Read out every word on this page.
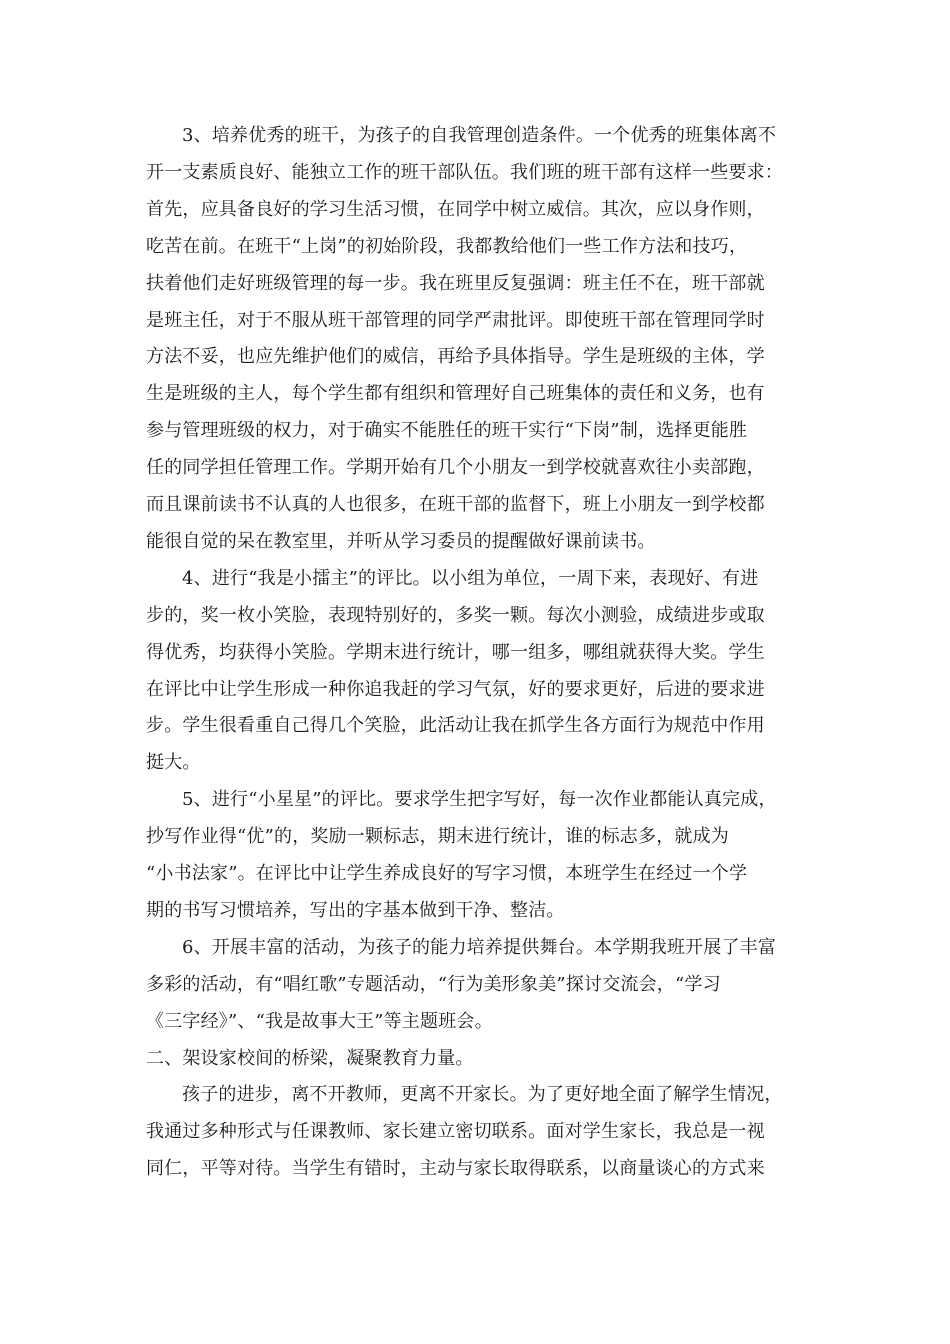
3、培养优秀的班干，为孩子的自我管理创造条件。一个优秀的班集体离不
开一支素质良好、能独立工作的班干部队伍。我们班的班干部有这样一些要求：
首先，应具备良好的学习生活习惯，在同学中树立威信。其次，应以身作则，
吃苦在前。在班干“上岗”的初始阶段，我都教给他们一些工作方法和技巧，
扶着他们走好班级管理的每一步。我在班里反复强调：班主任不在，班干部就
是班主任，对于不服从班干部管理的同学严肃批评。即使班干部在管理同学时
方法不妥，也应先维护他们的威信，再给予具体指导。学生是班级的主体，学
生是班级的主人，每个学生都有组织和管理好自己班集体的责任和义务，也有
参与管理班级的权力，对于确实不能胜任的班干实行“下岗”制，选择更能胜
任的同学担任管理工作。学期开始有几个小朋友一到学校就喜欢往小卖部跑，
而且课前读书不认真的人也很多，在班干部的监督下，班上小朋友一到学校都
能很自觉的呆在教室里，并听从学习委员的提醒做好课前读书。
4、进行“我是小擂主”的评比。以小组为单位，一周下来，表现好、有进
步的，奖一枚小笑脸，表现特别好的，多奖一颗。每次小测验，成绩进步或取
得优秀，均获得小笑脸。学期末进行统计，哪一组多，哪组就获得大奖。学生
在评比中让学生形成一种你追我赶的学习气氛，好的要求更好，后进的要求进
步。学生很看重自己得几个笑脸，此活动让我在抓学生各方面行为规范中作用
挺大。
5、进行“小星星”的评比。要求学生把字写好，每一次作业都能认真完成，
抄写作业得“优”的，奖励一颗标志，期末进行统计，谁的标志多，就成为
“小书法家”。在评比中让学生养成良好的写字习惯，本班学生在经过一个学
期的书写习惯培养，写出的字基本做到干净、整洁。
6、开展丰富的活动，为孩子的能力培养提供舞台。本学期我班开展了丰富
多彩的活动，有“唱红歌”专题活动，“行为美形象美”探讨交流会，“学习
《三字经》”、“我是故事大王”等主题班会。
二、架设家校间的桥梁，凝聚教育力量。
孩子的进步，离不开教师，更离不开家长。为了更好地全面了解学生情况，
我通过多种形式与任课教师、家长建立密切联系。面对学生家长，我总是一视
同仁，平等对待。当学生有错时，主动与家长取得联系，以商量谈心的方式来
